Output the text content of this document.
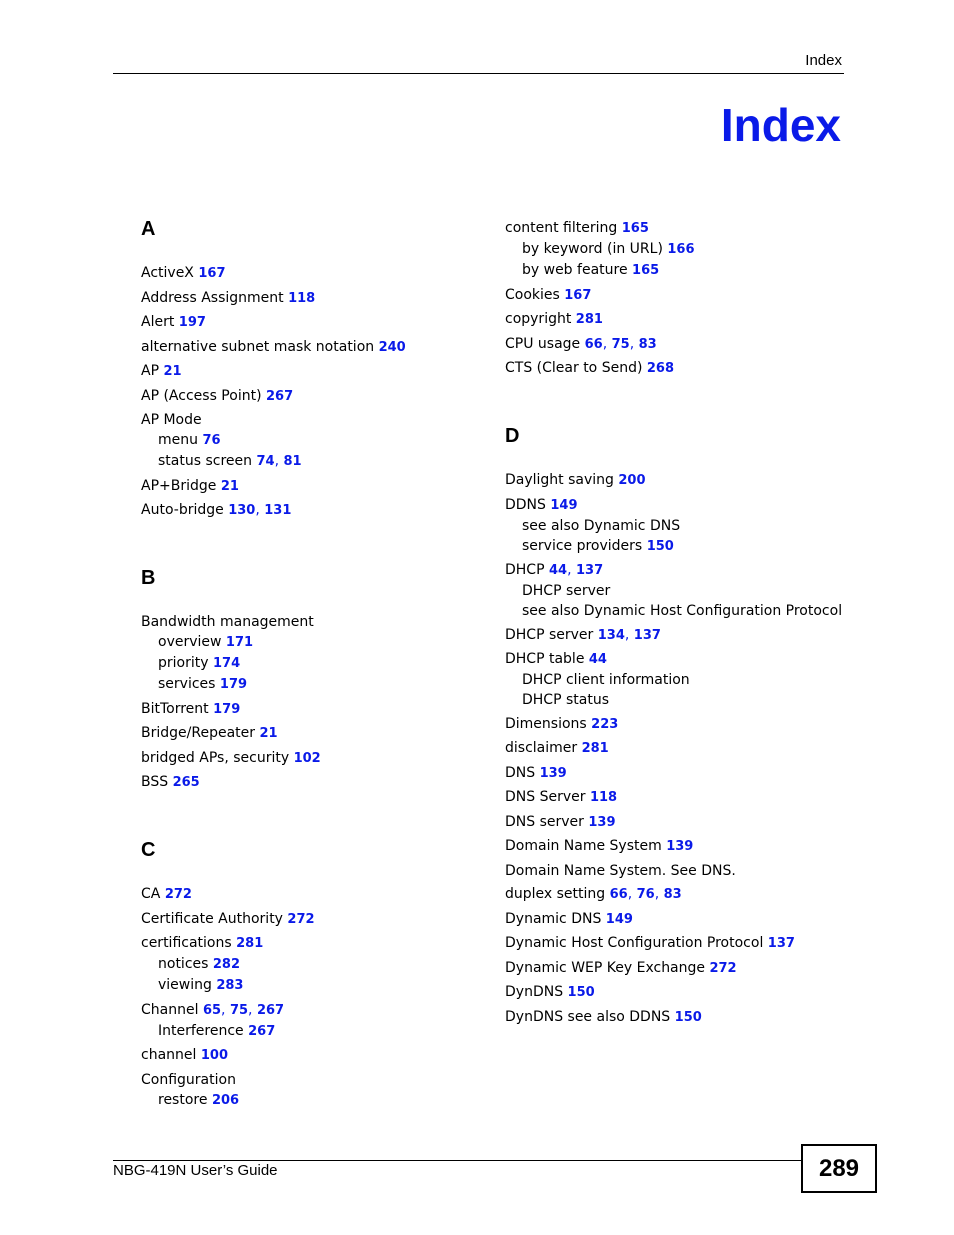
Index
Index
A
ActiveX 167
Address Assignment 118
Alert 197
alternative subnet mask notation 240
AP 21
AP (Access Point) 267
AP Mode
menu 76
status screen 74, 81
AP+Bridge 21
Auto-bridge 130, 131
B
Bandwidth management
overview 171
priority 174
services 179
BitTorrent 179
Bridge/Repeater 21
bridged APs, security 102
BSS 265
C
CA 272
Certificate Authority 272
certifications 281
notices 282
viewing 283
Channel 65, 75, 267
Interference 267
channel 100
Configuration
restore 206
content filtering 165
by keyword (in URL) 166
by web feature 165
Cookies 167
copyright 281
CPU usage 66, 75, 83
CTS (Clear to Send) 268
D
Daylight saving 200
DDNS 149
see also Dynamic DNS
service providers 150
DHCP 44, 137
DHCP server
see also Dynamic Host Configuration Protocol
DHCP server 134, 137
DHCP table 44
DHCP client information
DHCP status
Dimensions 223
disclaimer 281
DNS 139
DNS Server 118
DNS server 139
Domain Name System 139
Domain Name System. See DNS.
duplex setting 66, 76, 83
Dynamic DNS 149
Dynamic Host Configuration Protocol 137
Dynamic WEP Key Exchange 272
DynDNS 150
DynDNS see also DDNS 150
NBG-419N User’s Guide	289
